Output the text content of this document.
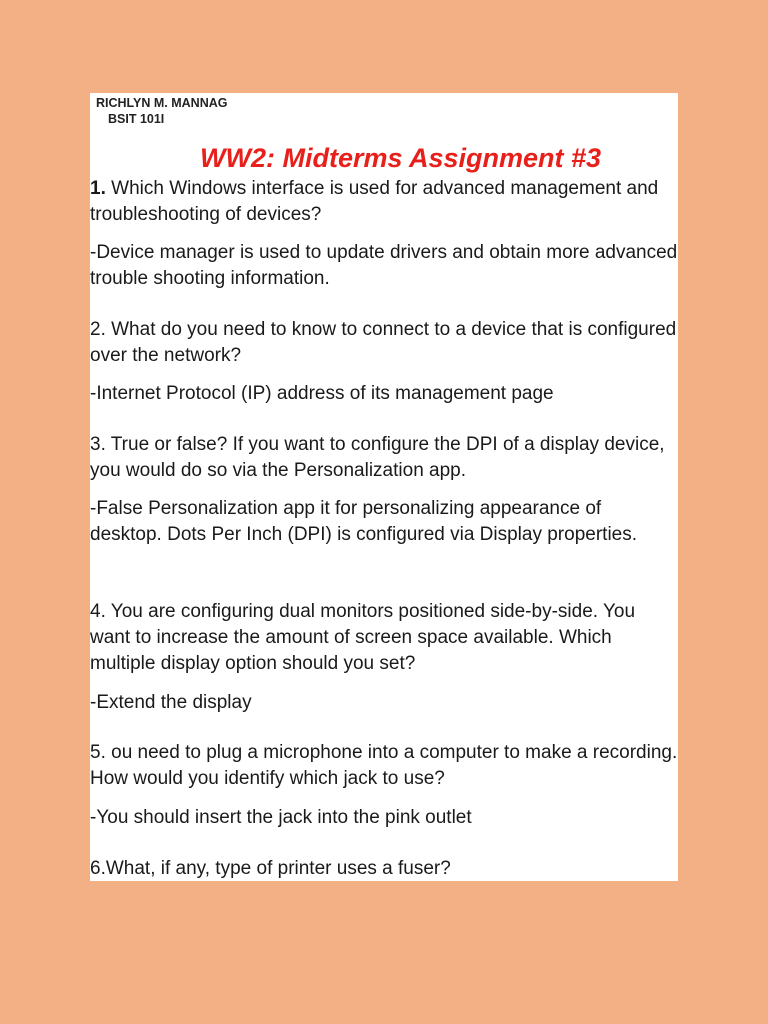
RICHLYN M. MANNAG
BSIT 101I
WW2: Midterms Assignment #3
1. Which Windows interface is used for advanced management and troubleshooting of devices?
-Device manager is used to update drivers and obtain more advanced trouble shooting information.
2. What do you need to know to connect to a device that is configured over the network?
-Internet Protocol (IP) address of its management page
3. True or false? If you want to configure the DPI of a display device, you would do so via the Personalization app.
-False Personalization app it for personalizing appearance of desktop. Dots Per Inch (DPI) is configured via Display properties.
4. You are configuring dual monitors positioned side-by-side. You want to increase the amount of screen space available. Which multiple display option should you set?
-Extend the display
5. ou need to plug a microphone into a computer to make a recording. How would you identify which jack to use?
-You should insert the jack into the pink outlet
6.What, if any, type of printer uses a fuser?
